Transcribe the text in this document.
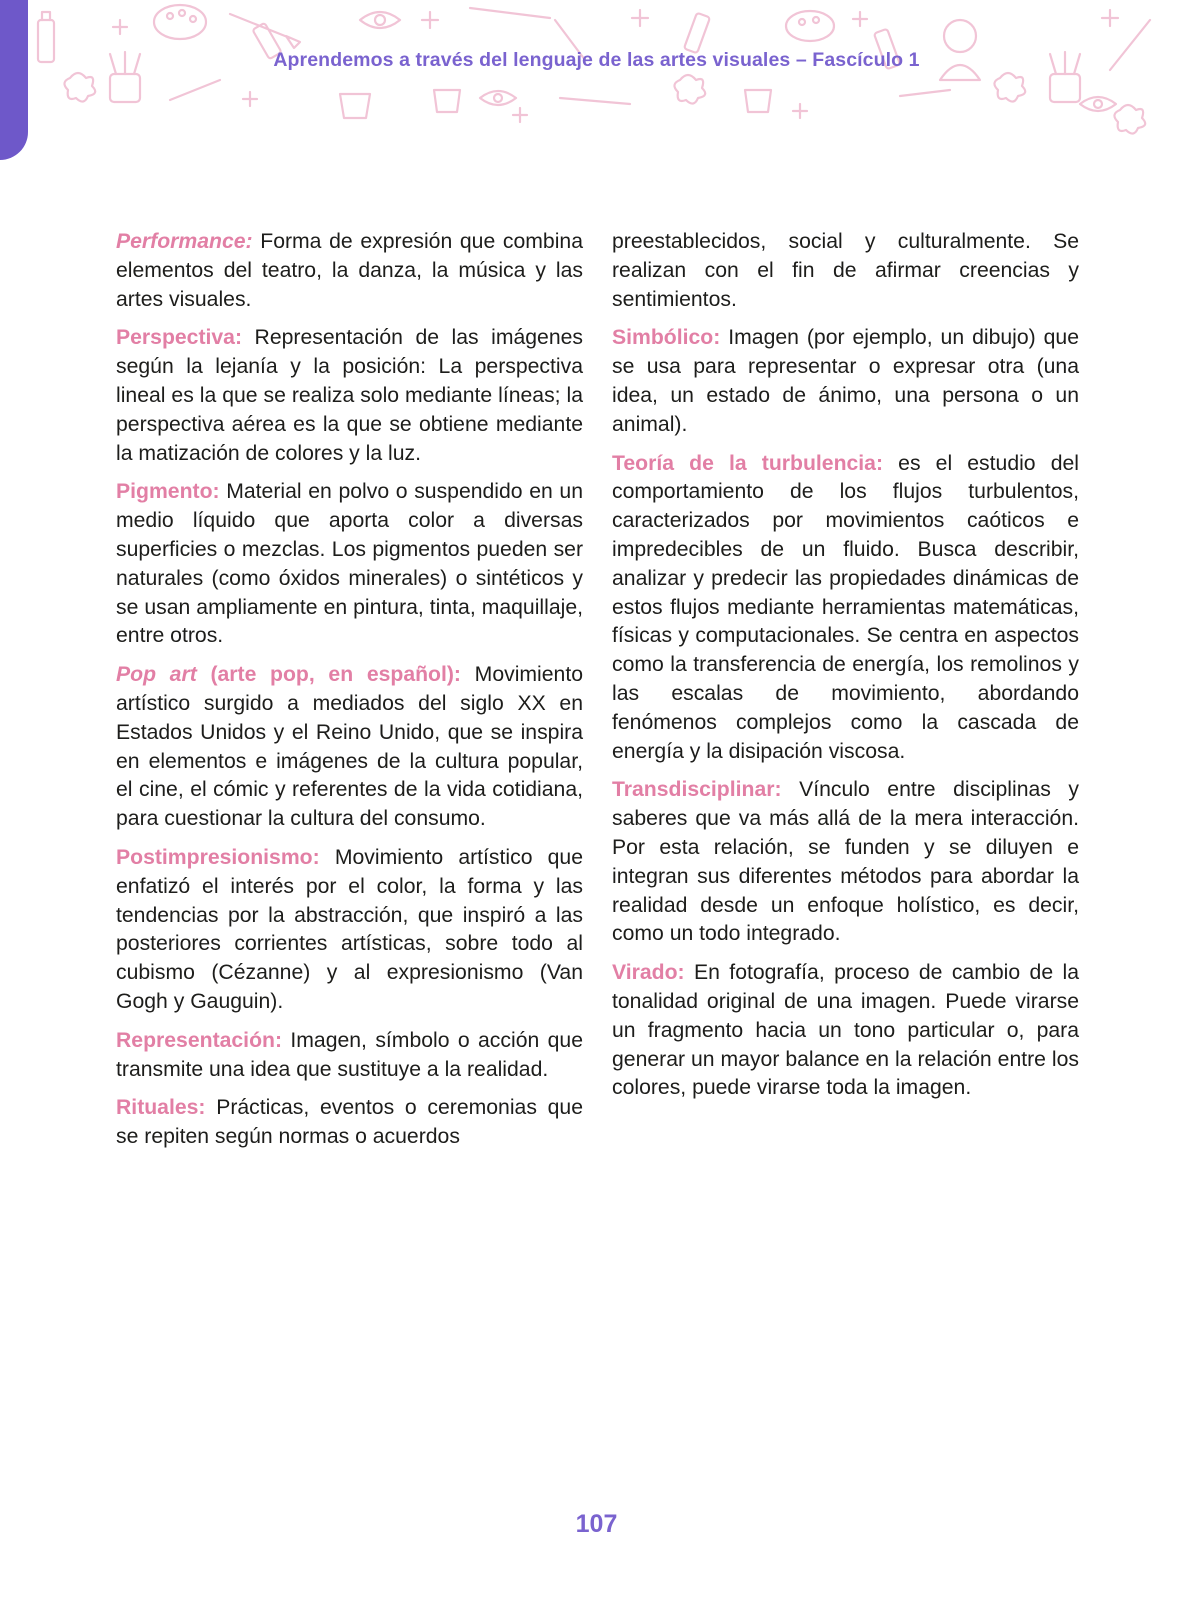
Aprendemos a través del lenguaje de las artes visuales – Fascículo 1

Performance: Forma de expresión que combina elementos del teatro, la danza, la música y las artes visuales.

Perspectiva: Representación de las imágenes según la lejanía y la posición: La perspectiva lineal es la que se realiza solo mediante líneas; la perspectiva aérea es la que se obtiene mediante la matización de colores y la luz.

Pigmento: Material en polvo o suspendido en un medio líquido que aporta color a diversas superficies o mezclas. Los pigmentos pueden ser naturales (como óxidos minerales) o sintéticos y se usan ampliamente en pintura, tinta, maquillaje, entre otros.

Pop art (arte pop, en español): Movimiento artístico surgido a mediados del siglo XX en Estados Unidos y el Reino Unido, que se inspira en elementos e imágenes de la cultura popular, el cine, el cómic y referentes de la vida cotidiana, para cuestionar la cultura del consumo.

Postimpresionismo: Movimiento artístico que enfatizó el interés por el color, la forma y las tendencias por la abstracción, que inspiró a las posteriores corrientes artísticas, sobre todo al cubismo (Cézanne) y al expresionismo (Van Gogh y Gauguin).

Representación: Imagen, símbolo o acción que transmite una idea que sustituye a la realidad.

Rituales: Prácticas, eventos o ceremonias que se repiten según normas o acuerdos

preestablecidos, social y culturalmente. Se realizan con el fin de afirmar creencias y sentimientos.

Simbólico: Imagen (por ejemplo, un dibujo) que se usa para representar o expresar otra (una idea, un estado de ánimo, una persona o un animal).

Teoría de la turbulencia: es el estudio del comportamiento de los flujos turbulentos, caracterizados por movimientos caóticos e impredecibles de un fluido. Busca describir, analizar y predecir las propiedades dinámicas de estos flujos mediante herramientas matemáticas, físicas y computacionales. Se centra en aspectos como la transferencia de energía, los remolinos y las escalas de movimiento, abordando fenómenos complejos como la cascada de energía y la disipación viscosa.

Transdisciplinar: Vínculo entre disciplinas y saberes que va más allá de la mera interacción. Por esta relación, se funden y se diluyen e integran sus diferentes métodos para abordar la realidad desde un enfoque holístico, es decir, como un todo integrado.

Virado: En fotografía, proceso de cambio de la tonalidad original de una imagen. Puede virarse un fragmento hacia un tono particular o, para generar un mayor balance en la relación entre los colores, puede virarse toda la imagen.

107
